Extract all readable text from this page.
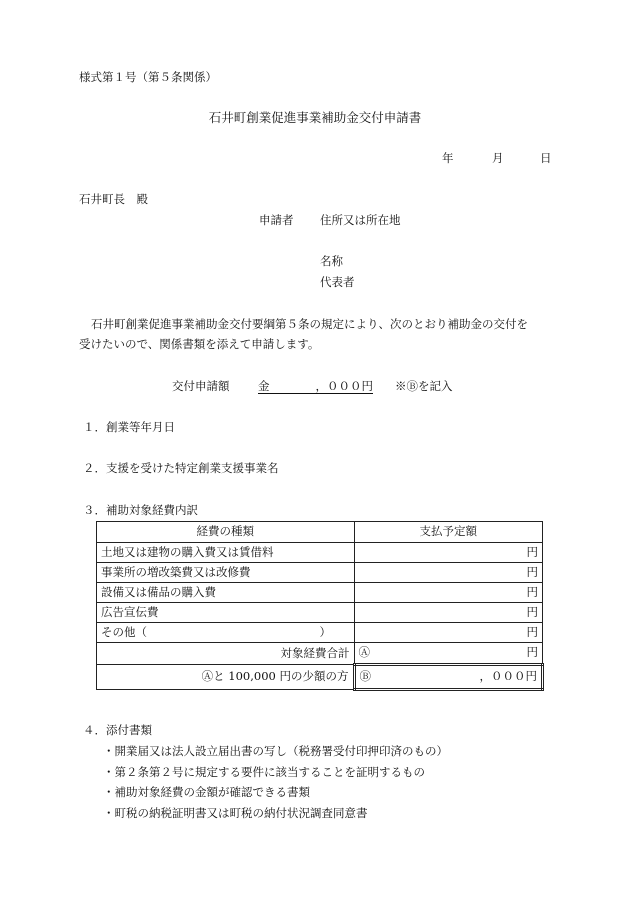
様式第１号（第５条関係）
石井町創業促進事業補助金交付申請書
年	月	日
石井町長　殿
申請者 住所又は所在地
名称
代表者
石井町創業促進事業補助金交付要綱第５条の規定により、次のとおり補助金の交付を
受けたいので、関係書類を添えて申請します。
交付申請額 金　　　　，０００円 ※Ⓑを記入
１．創業等年月日
２．支援を受けた特定創業支援事業名
３．補助対象経費内訳
経費の種類	支払予定額
土地又は建物の購入費又は賃借料	円
事業所の増改築費又は改修費	円
設備又は備品の購入費	円
広告宣伝費	円
その他（　　　　　　　　　　　　　　　）	円
対象経費合計	Ⓐ 円
Ⓐと 100,000 円の少額の方	Ⓑ ，０００円
４．添付書類
・開業届又は法人設立届出書の写し（税務署受付印押印済のもの）
・第２条第２号に規定する要件に該当することを証明するもの
・補助対象経費の金額が確認できる書類
・町税の納税証明書又は町税の納付状況調査同意書
